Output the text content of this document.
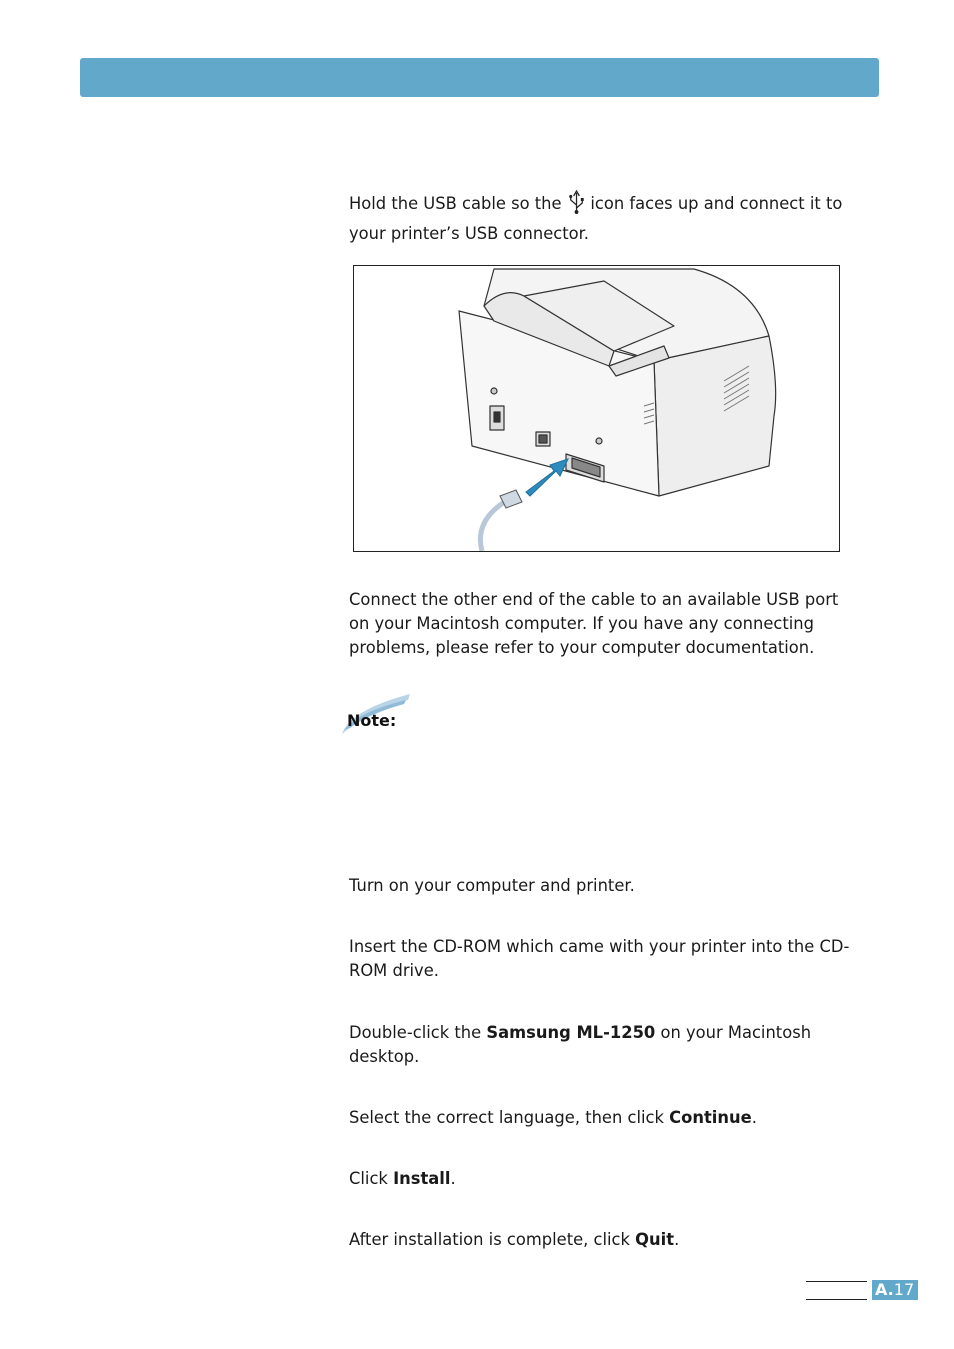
Hold the USB cable so the icon faces up and connect it to your printer’s USB connector.

Connect the other end of the cable to an available USB port on your Macintosh computer. If you have any connecting problems, please refer to your computer documentation.

Note:

Turn on your computer and printer.

Insert the CD-ROM which came with your printer into the CD-ROM drive.

Double-click the Samsung ML-1250 on your Macintosh desktop.

Select the correct language, then click Continue.

Click Install.

After installation is complete, click Quit.

A.17
